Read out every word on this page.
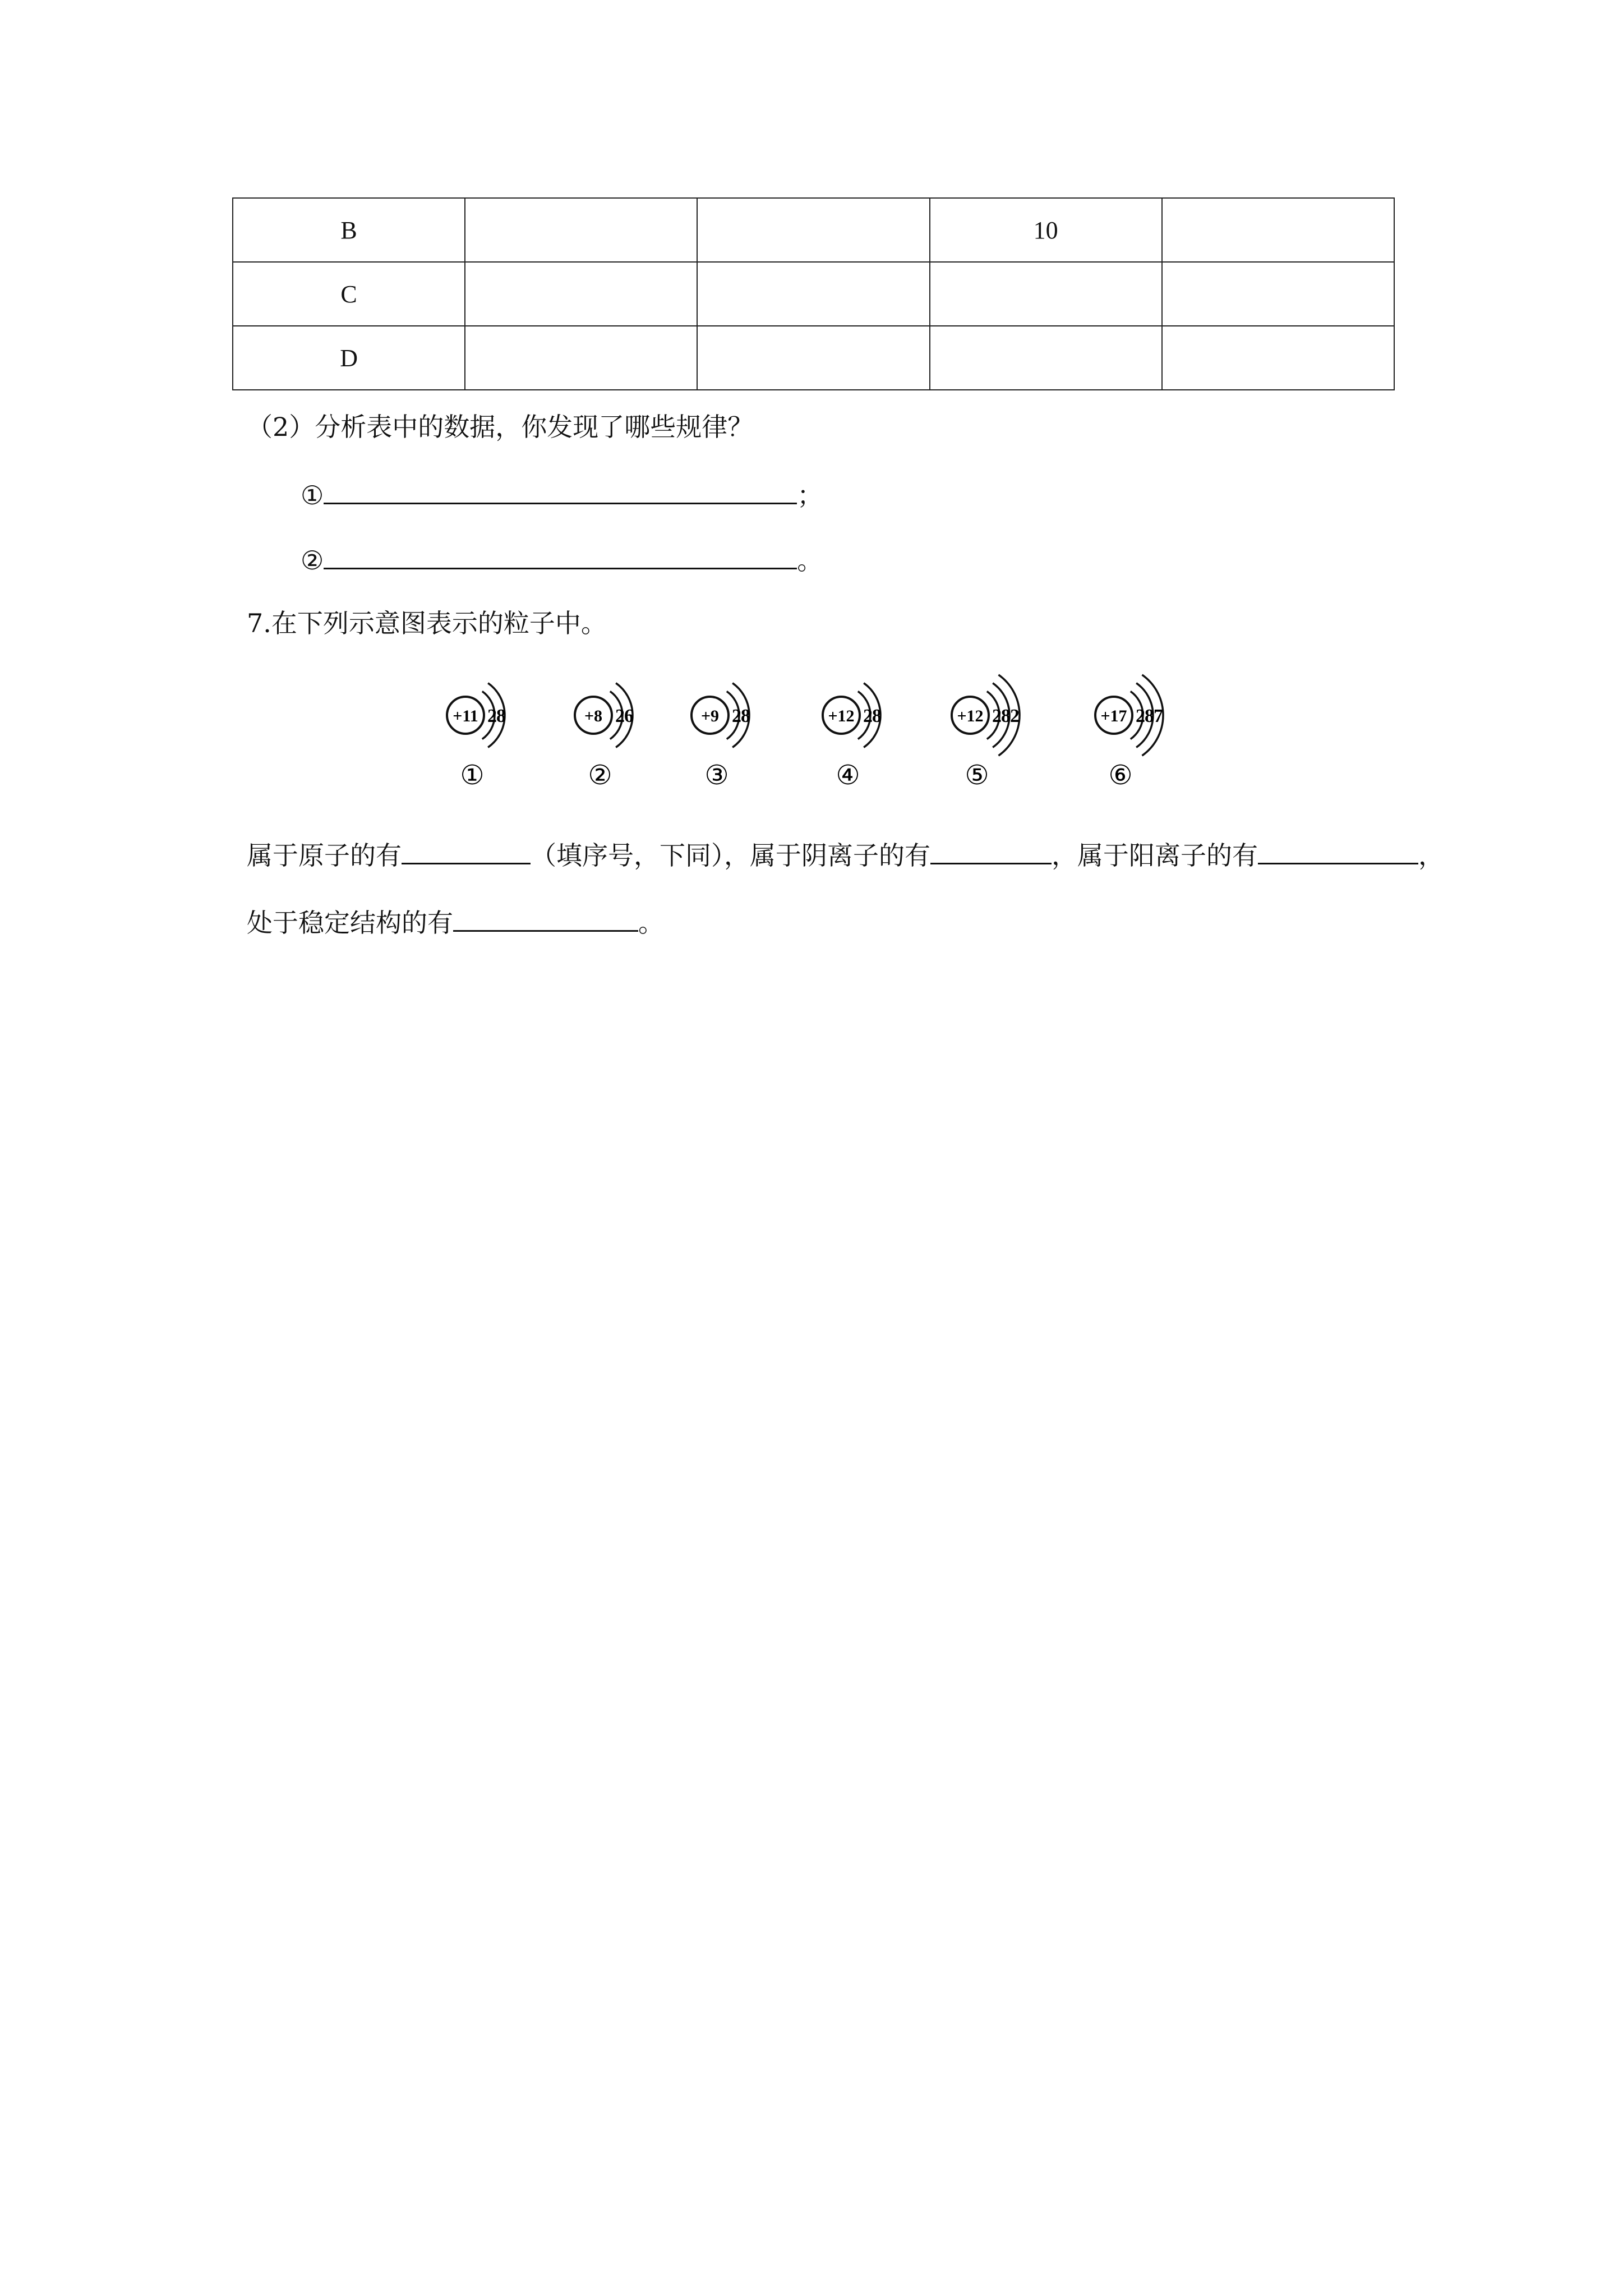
B			10	
C				
D				
（2）分析表中的数据，你发现了哪些规律？
①	；
②	。
7.在下列示意图表示的粒子中。
+11 28
①
+8 26
②
+9 28
③
+12 28
④
+12 282
⑤
+17 287
⑥
属于原子的有	（填序号，下同），属于阴离子的有	，属于阳离子的有	，
处于稳定结构的有	。
